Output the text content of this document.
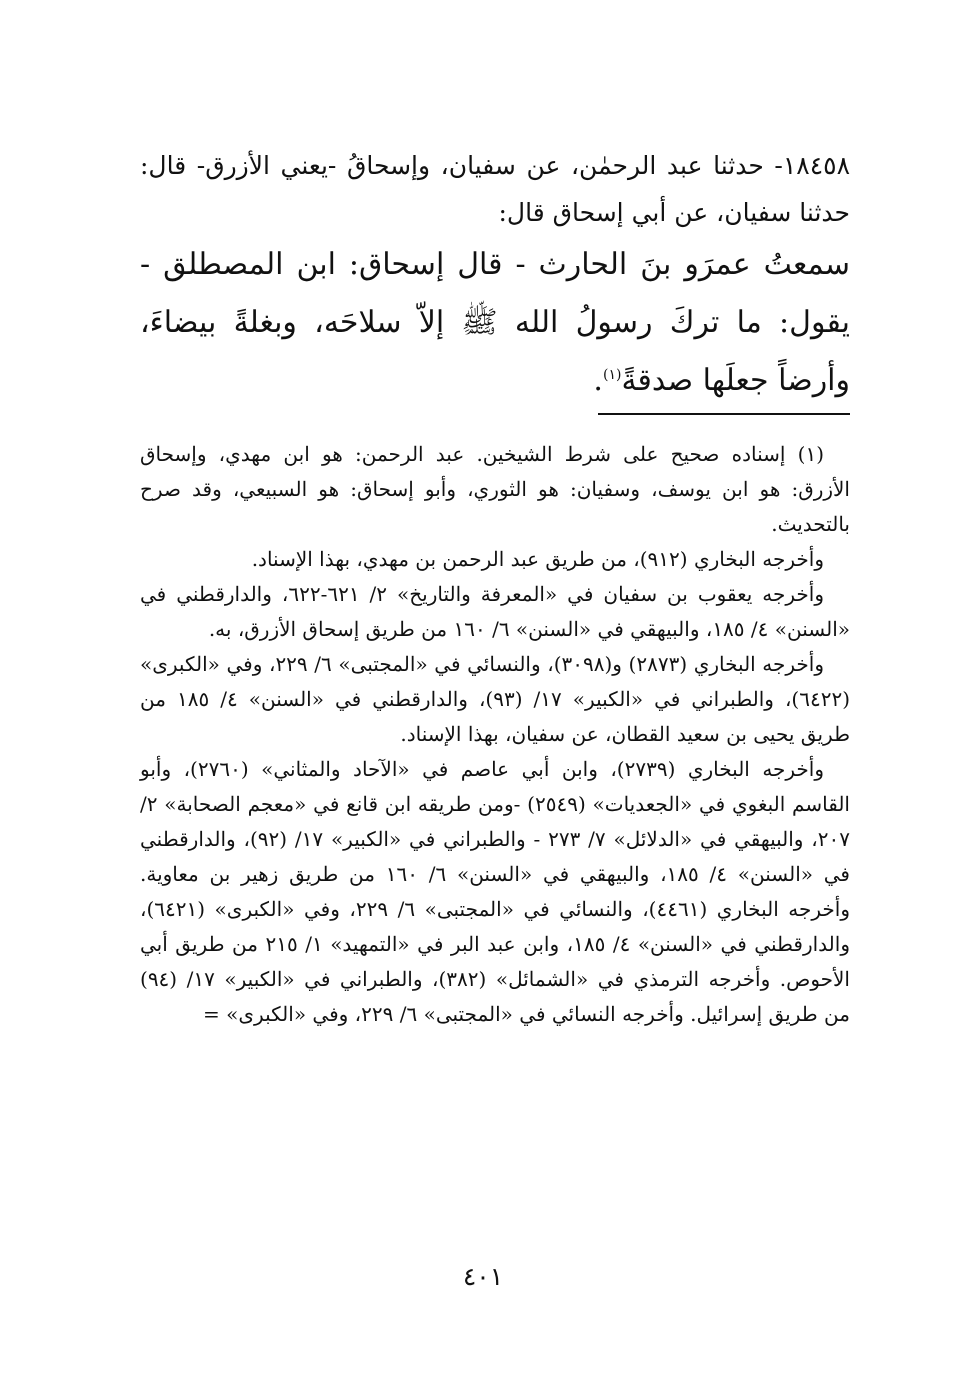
١٨٤٥٨- حدثنا عبد الرحمٰن، عن سفيان، وإسحاقُ -يعني الأزرق- قال: حدثنا سفيان، عن أبي إسحاق قال:
سمعتُ عمرَو بنَ الحارث - قال إسحاق: ابن المصطلق - يقول: ما تركَ رسولُ الله ﷺ إلاّ سلاحَه، وبغلةً بيضاءَ، وأرضاً جعلَها صدقةً$^{(١)}$.

(١) إسناده صحيح على شرط الشيخين. عبد الرحمن: هو ابن مهدي، وإسحاق الأزرق: هو ابن يوسف، وسفيان: هو الثوري، وأبو إسحاق: هو السبيعي، وقد صرح بالتحديث.

وأخرجه البخاري (٩١٢)، من طريق عبد الرحمن بن مهدي، بهذا الإسناد.

وأخرجه يعقوب بن سفيان في «المعرفة والتاريخ» ٢/ ٦٢١-٦٢٢، والدارقطني في «السنن» ٤/ ١٨٥، والبيهقي في «السنن» ٦/ ١٦٠ من طريق إسحاق الأزرق، به.

وأخرجه البخاري (٢٨٧٣) و(٣٠٩٨)، والنسائي في «المجتبى» ٦/ ٢٢٩، وفي «الكبرى» (٦٤٢٢)، والطبراني في «الكبير» ١٧/ (٩٣)، والدارقطني في «السنن» ٤/ ١٨٥ من طريق يحيى بن سعيد القطان، عن سفيان، بهذا الإسناد.

وأخرجه البخاري (٢٧٣٩)، وابن أبي عاصم في «الآحاد والمثاني» (٢٧٦٠)، وأبو القاسم البغوي في «الجعديات» (٢٥٤٩) -ومن طريقه ابن قانع في «معجم الصحابة» ٢/ ٢٠٧، والبيهقي في «الدلائل» ٧/ ٢٧٣ - والطبراني في «الكبير» ١٧/ (٩٢)، والدارقطني في «السنن» ٤/ ١٨٥، والبيهقي في «السنن» ٦/ ١٦٠ من طريق زهير بن معاوية. وأخرجه البخاري (٤٤٦١)، والنسائي في «المجتبى» ٦/ ٢٢٩، وفي «الكبرى» (٦٤٢١)، والدارقطني في «السنن» ٤/ ١٨٥، وابن عبد البر في «التمهيد» ١/ ٢١٥ من طريق أبي الأحوص. وأخرجه الترمذي في «الشمائل» (٣٨٢)، والطبراني في «الكبير» ١٧/ (٩٤) من طريق إسرائيل. وأخرجه النسائي في «المجتبى» ٦/ ٢٢٩، وفي «الكبرى» =

٤٠١
